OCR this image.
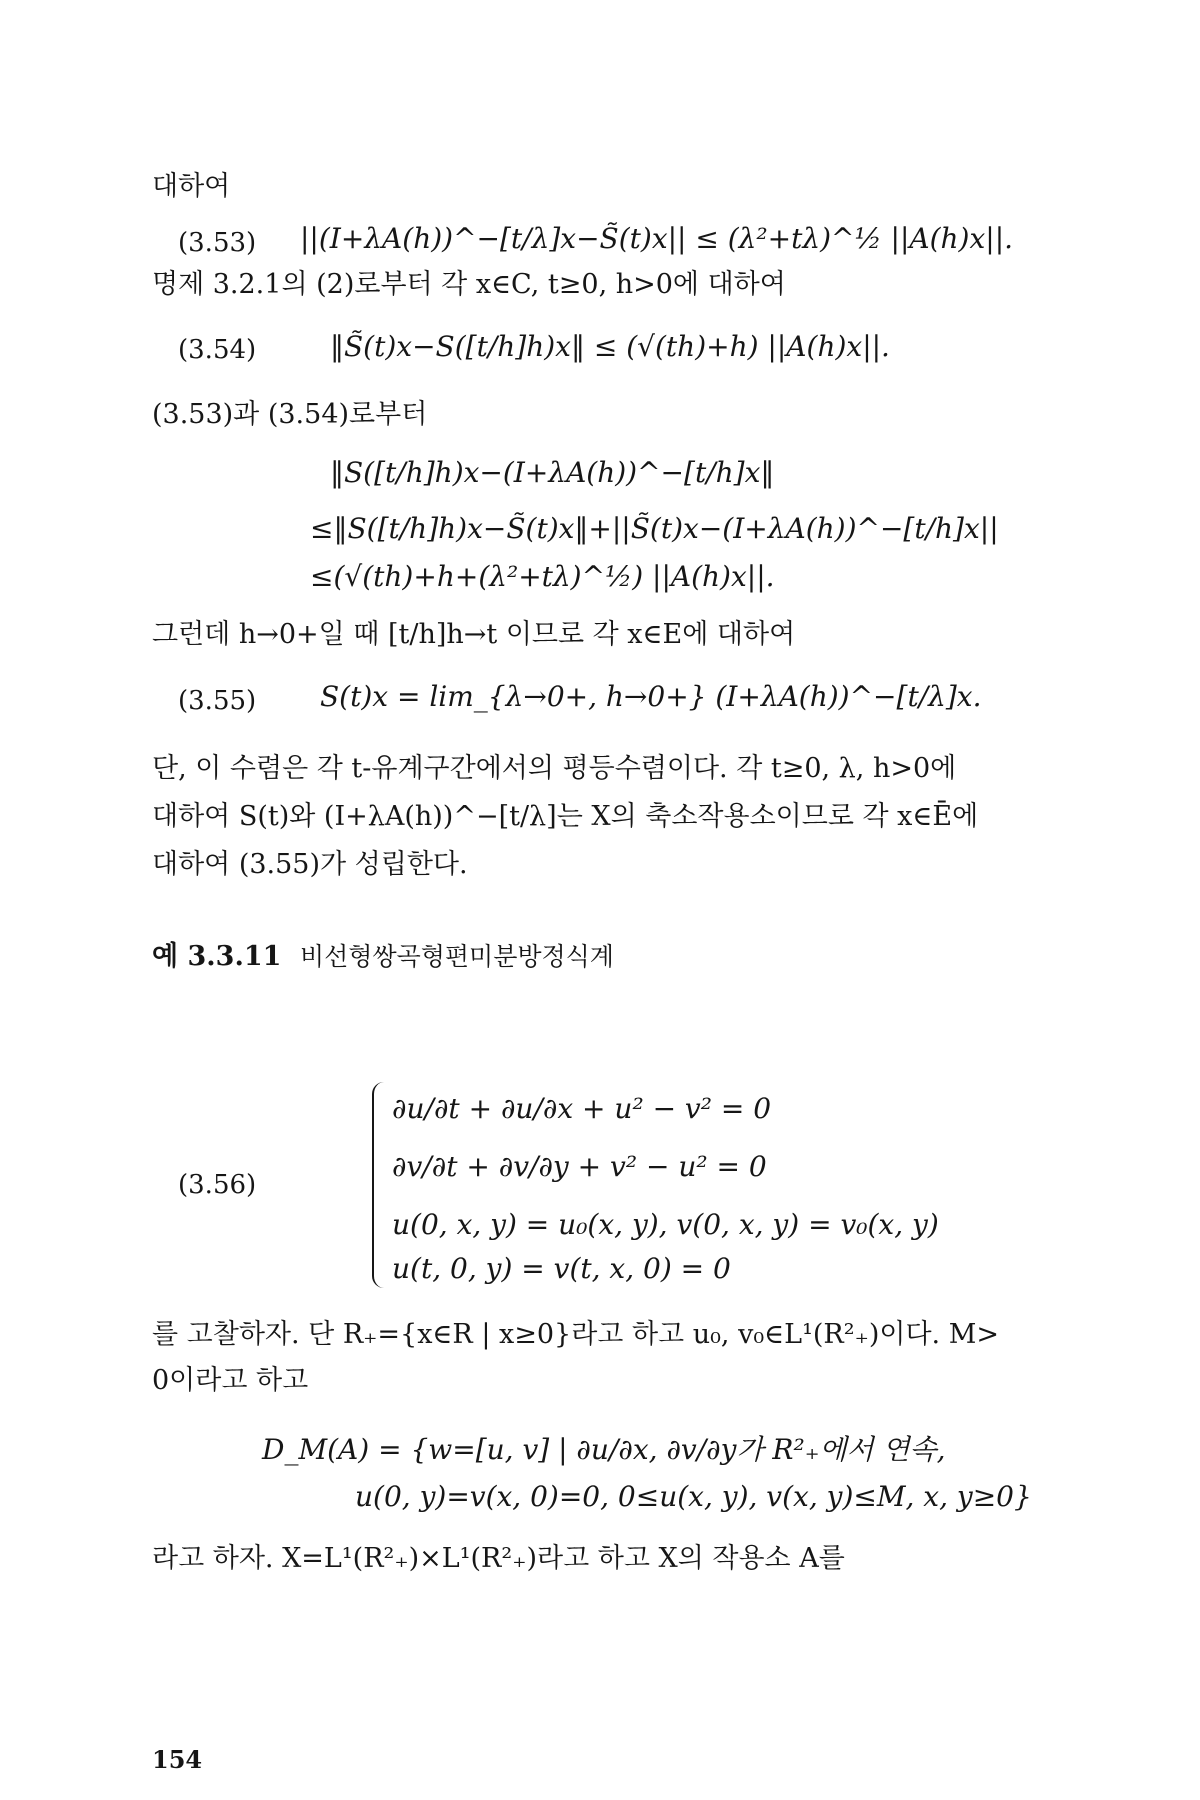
대하여
(3.53) ||(I+λA(h))^−[t/λ]x−S̃(t)x|| ≤ (λ²+tλ)^½ ||A(h)x||.
명제 3.2.1의 (2)로부터 각 x∈C, t≥0, h>0에 대하여
(3.54)	‖S̃(t)x−S([t/h]h)x‖ ≤ (√(th)+h) ||A(h)x||.
(3.53)과 (3.54)로부터
‖S([t/h]h)x−(I+λA(h))^−[t/h]x‖
≤‖S([t/h]h)x−S̃(t)x‖+||S̃(t)x−(I+λA(h))^−[t/h]x||
≤(√(th)+h+(λ²+tλ)^½) ||A(h)x||.
그런데 h→0+일 때 [t/h]h→t 이므로 각 x∈E에 대하여
(3.55) S(t)x = lim_{λ→0+, h→0+} (I+λA(h))^−[t/λ]x.
단, 이 수렴은 각 t-유계구간에서의 평등수렴이다. 각 t≥0, λ, h>0에
대하여 S(t)와 (I+λA(h))^−[t/λ]는 X의 축소작용소이므로 각 x∈Ē에
대하여 (3.55)가 성립한다.
예 3.3.11 비선형쌍곡형편미분방정식계
(3.56)
∂u/∂t + ∂u/∂x + u² − v² = 0
∂v/∂t + ∂v/∂y + v² − u² = 0
u(0, x, y) = u₀(x, y), v(0, x, y) = v₀(x, y)
u(t, 0, y) = v(t, x, 0) = 0
를 고찰하자. 단 R₊={x∈R | x≥0}라고 하고 u₀, v₀∈L¹(R²₊)이다. M>
0이라고 하고
D_M(A) = {w=[u, v] | ∂u/∂x, ∂v/∂y가 R²₊에서 연속,
u(0, y)=v(x, 0)=0, 0≤u(x, y), v(x, y)≤M, x, y≥0}
라고 하자. X=L¹(R²₊)×L¹(R²₊)라고 하고 X의 작용소 A를
154
